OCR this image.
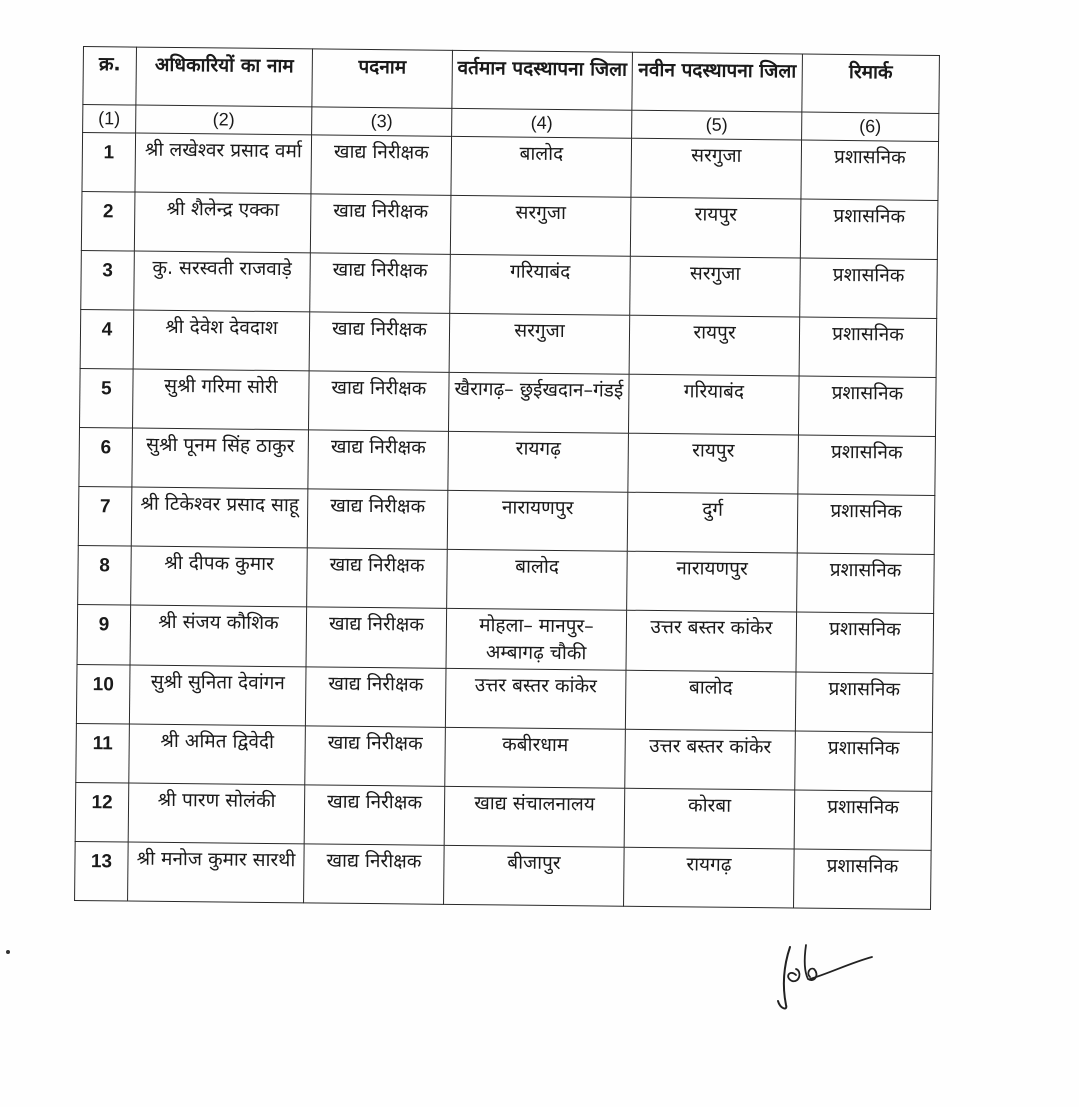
क्र.	अधिकारियों का नाम	पदनाम	वर्तमान पदस्थापना जिला	नवीन पदस्थापना जिला	रिमार्क
(1)	(2)	(3)	(4)	(5)	(6)
1	श्री लखेश्वर प्रसाद वर्मा	खाद्य निरीक्षक	बालोद	सरगुजा	प्रशासनिक
2	श्री शैलेन्द्र एक्का	खाद्य निरीक्षक	सरगुजा	रायपुर	प्रशासनिक
3	कु. सरस्वती राजवाड़े	खाद्य निरीक्षक	गरियाबंद	सरगुजा	प्रशासनिक
4	श्री देवेश देवदाश	खाद्य निरीक्षक	सरगुजा	रायपुर	प्रशासनिक
5	सुश्री गरिमा सोरी	खाद्य निरीक्षक	खैरागढ़– छुईखदान–गंडई	गरियाबंद	प्रशासनिक
6	सुश्री पूनम सिंह ठाकुर	खाद्य निरीक्षक	रायगढ़	रायपुर	प्रशासनिक
7	श्री टिकेश्वर प्रसाद साहू	खाद्य निरीक्षक	नारायणपुर	दुर्ग	प्रशासनिक
8	श्री दीपक कुमार	खाद्य निरीक्षक	बालोद	नारायणपुर	प्रशासनिक
9	श्री संजय कौशिक	खाद्य निरीक्षक	मोहला– मानपुर– अम्बागढ़ चौकी	उत्तर बस्तर कांकेर	प्रशासनिक
10	सुश्री सुनिता देवांगन	खाद्य निरीक्षक	उत्तर बस्तर कांकेर	बालोद	प्रशासनिक
11	श्री अमित द्विवेदी	खाद्य निरीक्षक	कबीरधाम	उत्तर बस्तर कांकेर	प्रशासनिक
12	श्री पारण सोलंकी	खाद्य निरीक्षक	खाद्य संचालनालय	कोरबा	प्रशासनिक
13	श्री मनोज कुमार सारथी	खाद्य निरीक्षक	बीजापुर	रायगढ़	प्रशासनिक
